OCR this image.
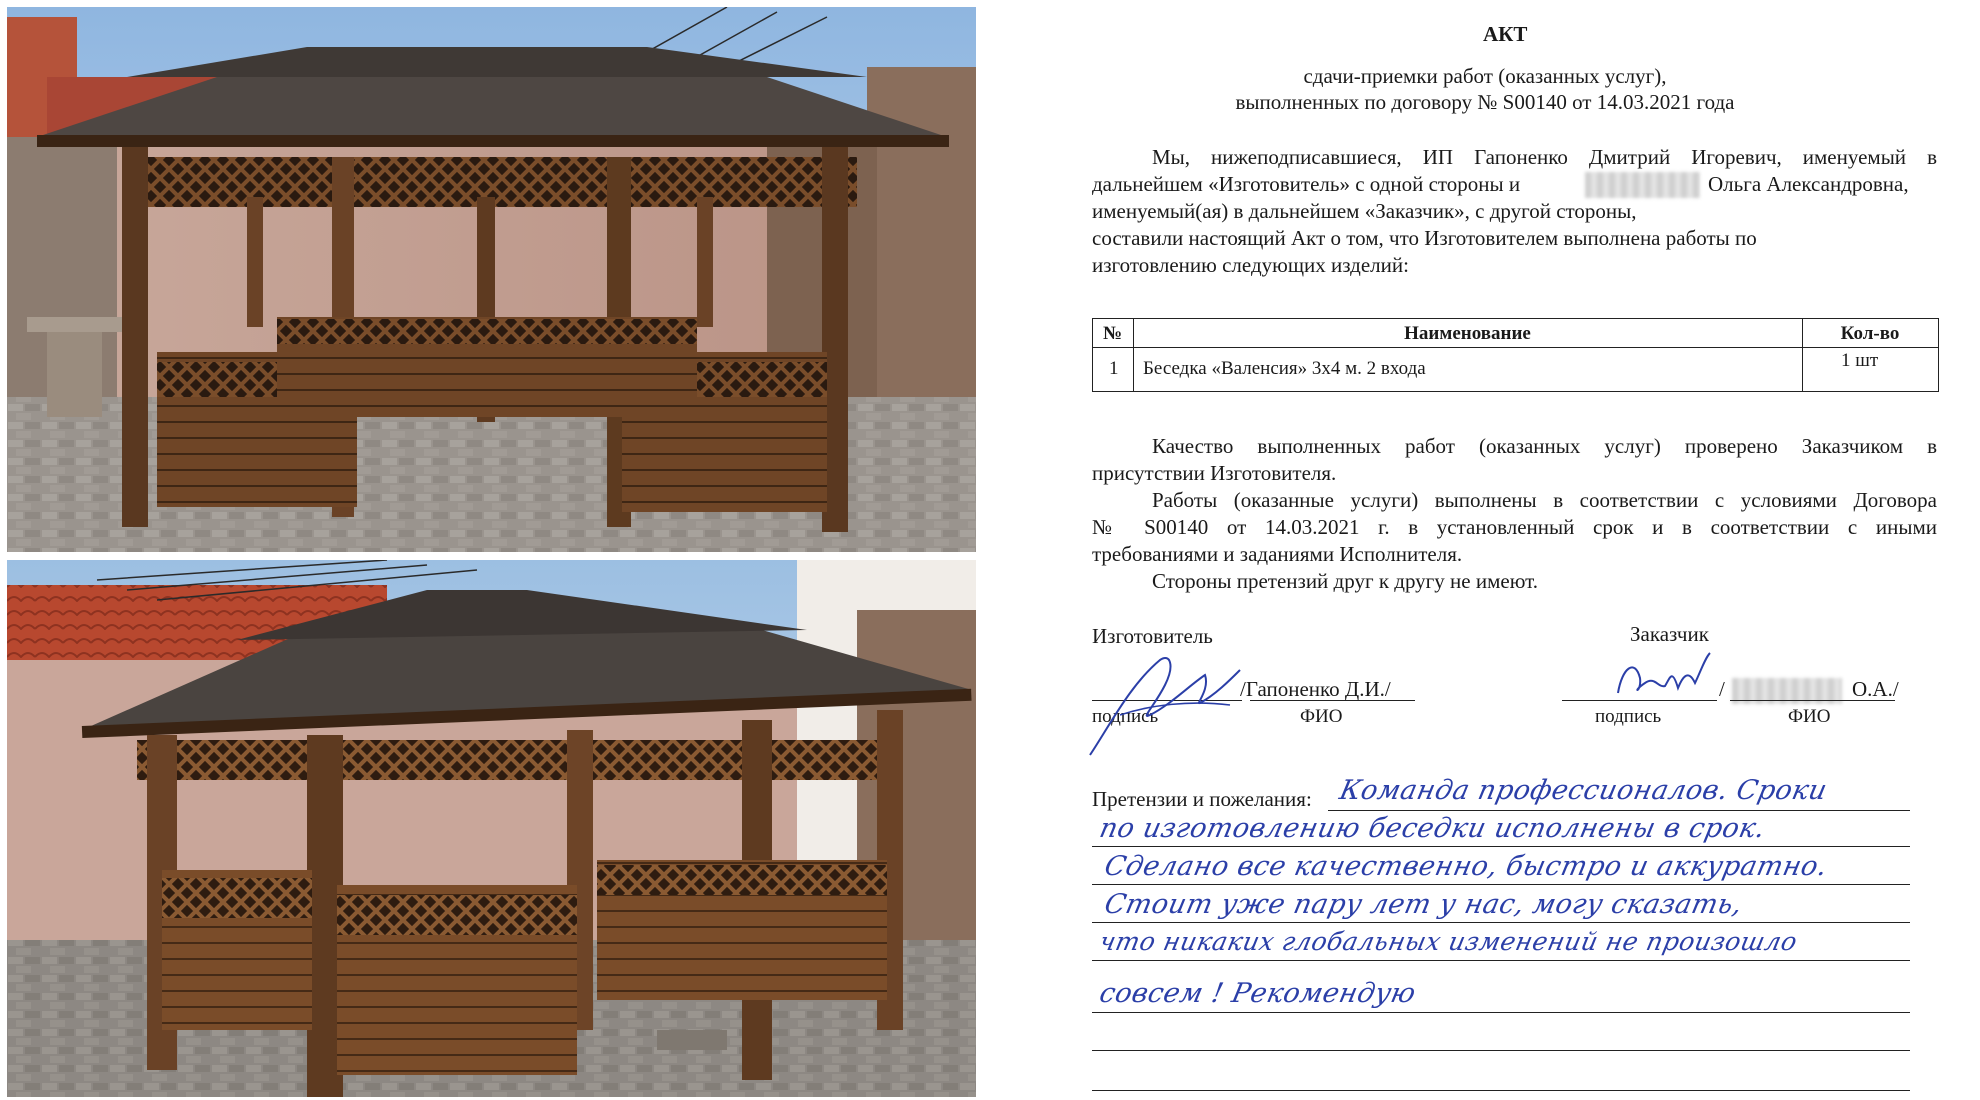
АКТ
сдачи-приемки работ (оказанных услуг),
выполненных по договору № S00140 от 14.03.2021 года
Мы, нижеподписавшиеся, ИП Гапоненко Дмитрий Игоревич, именуемый в
дальнейшем «Изготовитель» с одной стороны и	Ольга Александровна,
именуемый(ая) в дальнейшем «Заказчик», с другой стороны,
составили настоящий Акт о том, что Изготовителем выполнена работы по
изготовлению следующих изделий:
№	Наименование	Кол-во
1 Беседка «Валенсия» 3х4 м. 2 входа	1 шт
Качество выполненных работ (оказанных услуг) проверено Заказчиком в
присутствии Изготовителя.
Работы (оказанные услуги) выполнены в соответствии с условиями Договора
№ S00140 от 14.03.2021 г. в установленный срок и в соответствии с иными
требованиями и заданиями Исполнителя.
Стороны претензий друг к другу не имеют.
Изготовитель	Заказчик
/Гапоненко Д.И./
подпись	ФИО
/	О.А./
подпись	ФИО
Претензии и пожелания: Команда профессионалов. Сроки
по изготовлению беседки исполнены в срок.
Сделано все качественно, быстро и аккуратно.
Стоит уже пару лет у нас, могу сказать,
что никаких глобальных изменений не произошло
совсем ! Рекомендую
